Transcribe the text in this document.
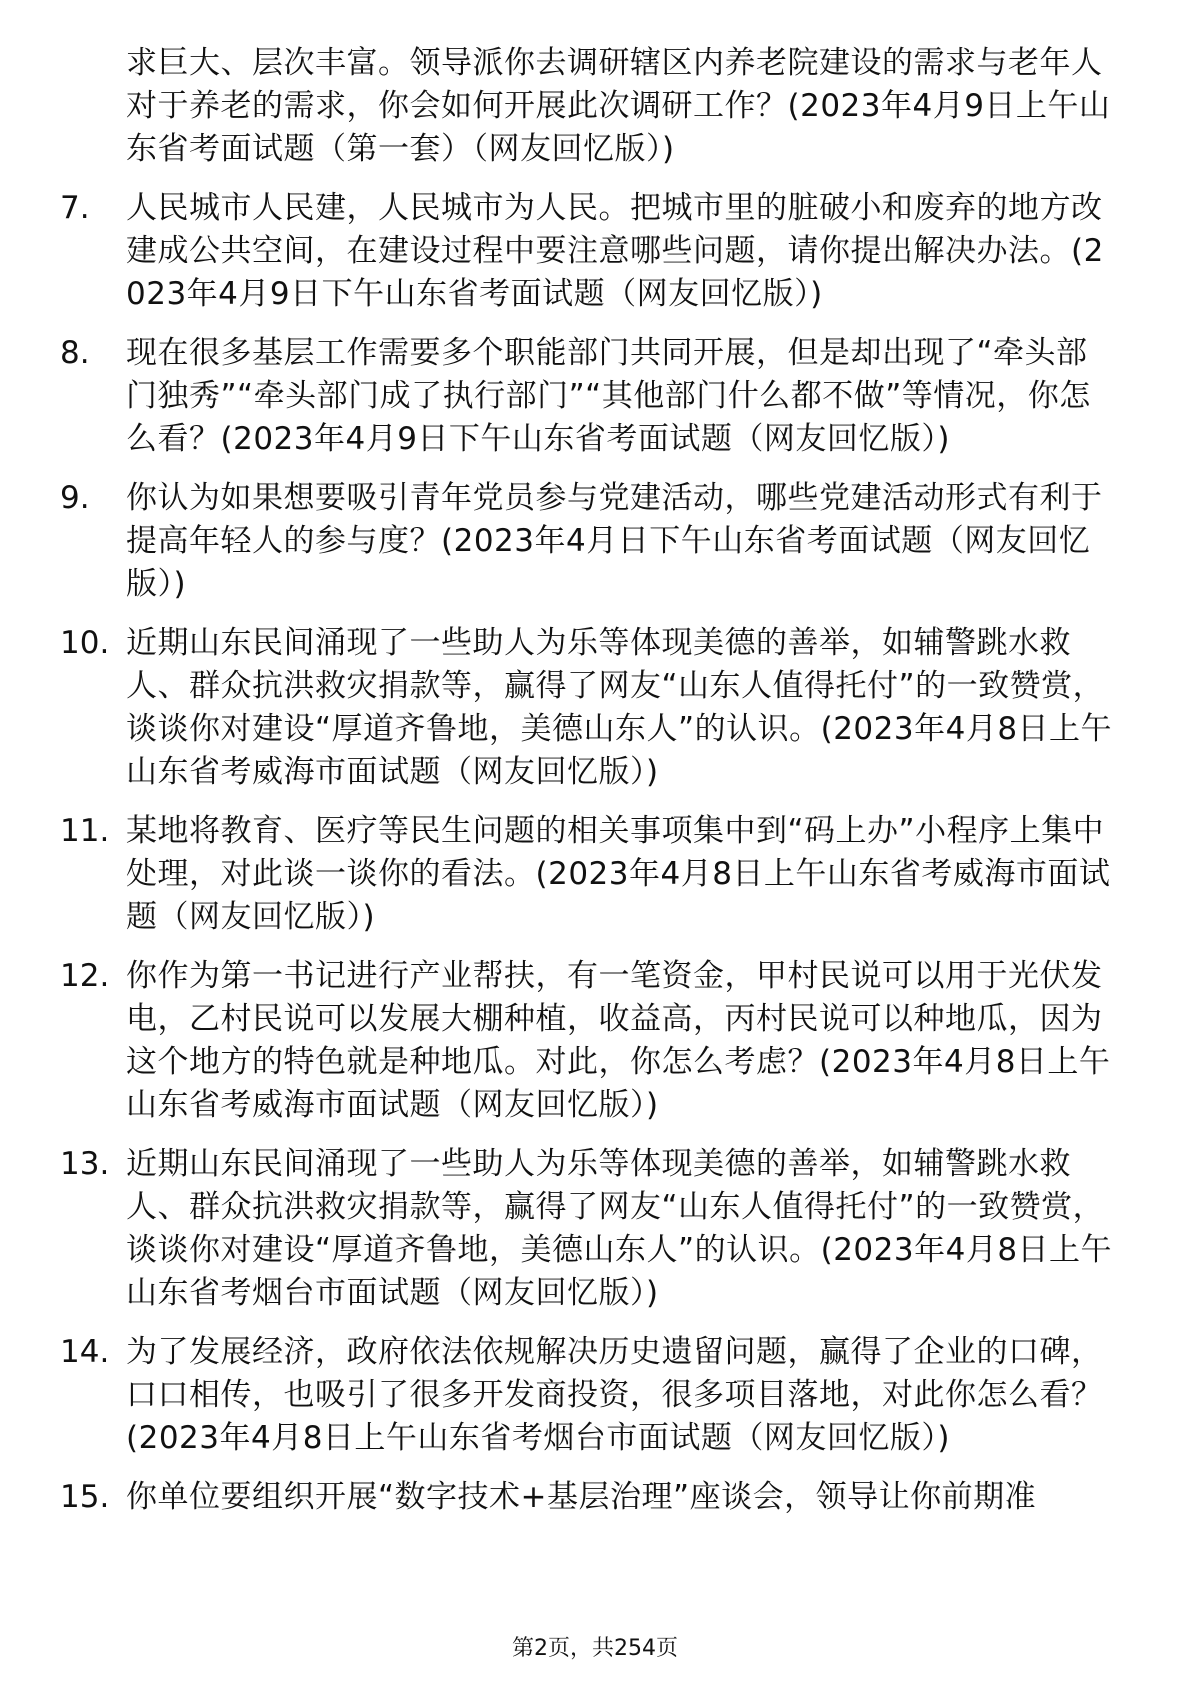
求巨大、层次丰富。领导派你去调研辖区内养老院建设的需求与老年人对于养老的需求，你会如何开展此次调研工作？(2023年4月9日上午山东省考面试题（第一套）（网友回忆版）)
7.	人民城市人民建，人民城市为人民。把城市里的脏破小和废弃的地方改建成公共空间，在建设过程中要注意哪些问题，请你提出解决办法。(2023年4月9日下午山东省考面试题（网友回忆版）)
8.	现在很多基层工作需要多个职能部门共同开展，但是却出现了“牵头部门独秀”“牵头部门成了执行部门”“其他部门什么都不做”等情况，你怎么看？(2023年4月9日下午山东省考面试题（网友回忆版）)
9.	你认为如果想要吸引青年党员参与党建活动，哪些党建活动形式有利于提高年轻人的参与度？(2023年4月日下午山东省考面试题（网友回忆版）)
10. 近期山东民间涌现了一些助人为乐等体现美德的善举，如辅警跳水救人、群众抗洪救灾捐款等，赢得了网友“山东人值得托付”的一致赞赏，谈谈你对建设“厚道齐鲁地，美德山东人”的认识。(2023年4月8日上午山东省考威海市面试题（网友回忆版）)
11. 某地将教育、医疗等民生问题的相关事项集中到“码上办”小程序上集中处理，对此谈一谈你的看法。(2023年4月8日上午山东省考威海市面试题（网友回忆版）)
12. 你作为第一书记进行产业帮扶，有一笔资金，甲村民说可以用于光伏发电，乙村民说可以发展大棚种植，收益高，丙村民说可以种地瓜，因为这个地方的特色就是种地瓜。对此，你怎么考虑？(2023年4月8日上午山东省考威海市面试题（网友回忆版）)
13. 近期山东民间涌现了一些助人为乐等体现美德的善举，如辅警跳水救人、群众抗洪救灾捐款等，赢得了网友“山东人值得托付”的一致赞赏，谈谈你对建设“厚道齐鲁地，美德山东人”的认识。(2023年4月8日上午山东省考烟台市面试题（网友回忆版）)
14. 为了发展经济，政府依法依规解决历史遗留问题，赢得了企业的口碑，口口相传，也吸引了很多开发商投资，很多项目落地，对此你怎么看？(2023年4月8日上午山东省考烟台市面试题（网友回忆版）)
15. 你单位要组织开展“数字技术+基层治理”座谈会，领导让你前期准
第2页，共254页
